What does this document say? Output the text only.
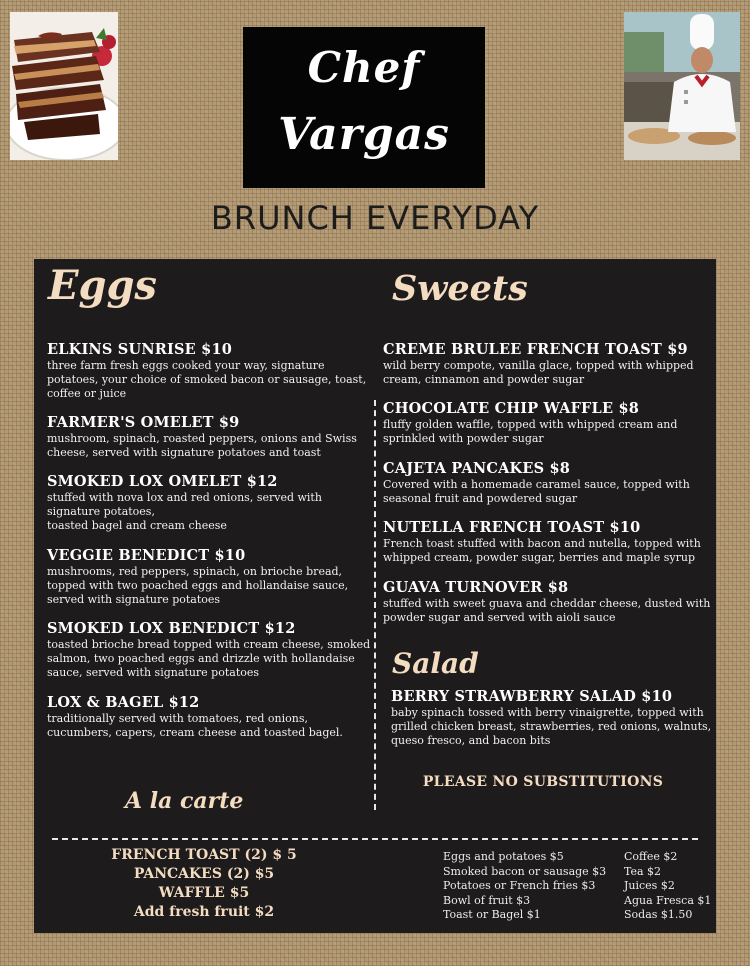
Chef
Vargas
BRUNCH EVERYDAY
Eggs	Sweets
Salad
A la carte
ELKINS SUNRISE $10
three farm fresh eggs cooked your way, signature
potatoes, your choice of smoked bacon or sausage, toast,
coffee or juice
FARMER'S OMELET $9
mushroom, spinach, roasted peppers, onions and Swiss
cheese, served with signature potatoes and toast
SMOKED LOX OMELET $12
stuffed with nova lox and red onions, served with
signature potatoes,
toasted bagel and cream cheese
VEGGIE BENEDICT $10
mushrooms, red peppers, spinach, on brioche bread,
topped with two poached eggs and hollandaise sauce,
served with signature potatoes
SMOKED LOX BENEDICT $12
toasted brioche bread topped with cream cheese, smoked
salmon, two poached eggs and drizzle with hollandaise
sauce, served with signature potatoes
LOX & BAGEL $12
traditionally served with tomatoes, red onions,
cucumbers, capers, cream cheese and toasted bagel.
CREME BRULEE FRENCH TOAST $9
wild berry compote, vanilla glace, topped with whipped
cream, cinnamon and powder sugar
CHOCOLATE CHIP WAFFLE $8
fluffy golden waffle, topped with whipped cream and
sprinkled with powder sugar
CAJETA PANCAKES $8
Covered with a homemade caramel sauce, topped with
seasonal fruit and powdered sugar
NUTELLA FRENCH TOAST $10
French toast stuffed with bacon and nutella, topped with
whipped cream, powder sugar, berries and maple syrup
GUAVA TURNOVER $8
stuffed with sweet guava and cheddar cheese, dusted with
powder sugar and served with aioli sauce
BERRY STRAWBERRY SALAD $10
baby spinach tossed with berry vinaigrette, topped with
grilled chicken breast, strawberries, red onions, walnuts,
queso fresco, and bacon bits
PLEASE NO SUBSTITUTIONS
FRENCH TOAST (2) $ 5
PANCAKES (2) $5
WAFFLE $5
Add fresh fruit $2
Eggs and potatoes $5
Smoked bacon or sausage $3
Potatoes or French fries $3
Bowl of fruit $3
Toast or Bagel $1
Coffee $2
Tea $2
Juices $2
Agua Fresca $1
Sodas $1.50
